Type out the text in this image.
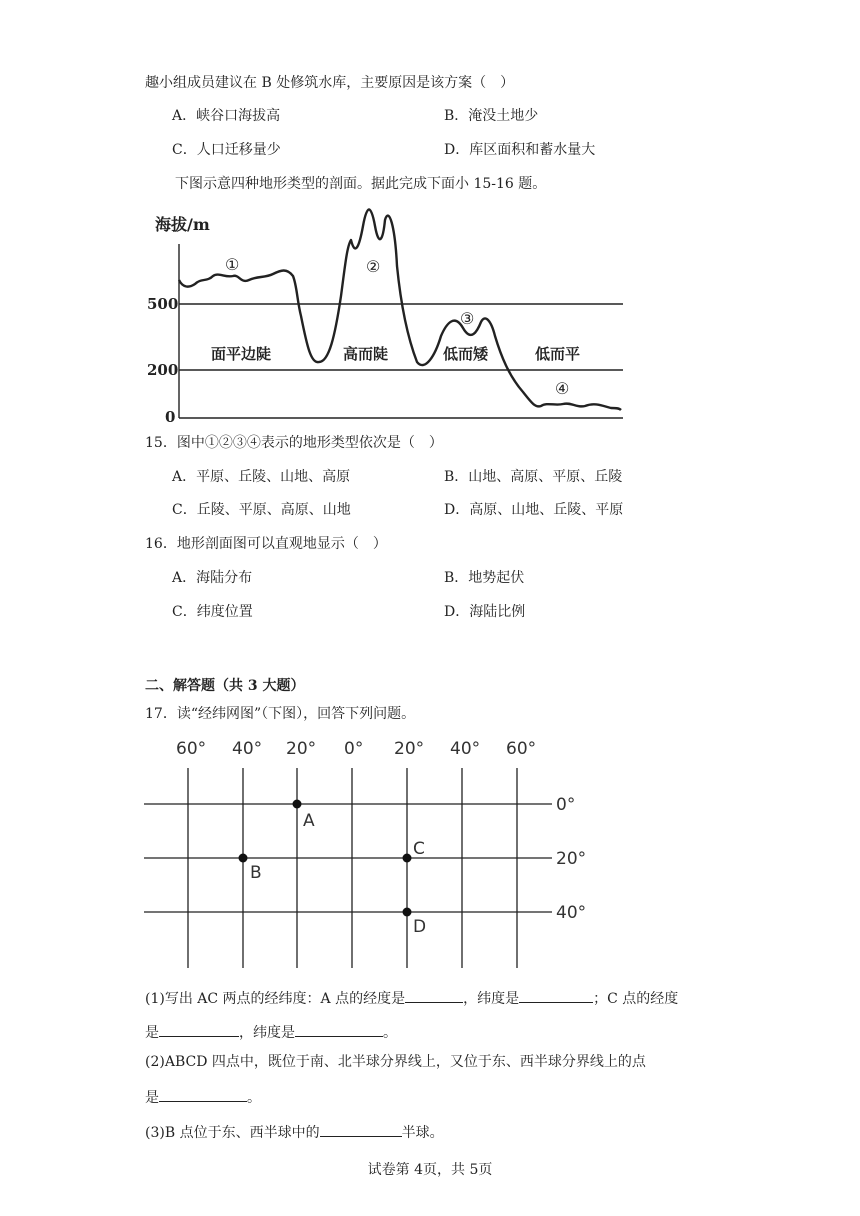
趣小组成员建议在 B 处修筑水库，主要原因是该方案（　）
A．峡谷口海拔高	B．淹没土地少
C．人口迁移量少	D．库区面积和蓄水量大
下图示意四种地形类型的剖面。据此完成下面小 15-16 题。
海拔/m
500
200
0
①	②
③
④
面平边陡	高而陡	低而矮	低而平
15．图中①②③④表示的地形类型依次是（　）
A．平原、丘陵、山地、高原	B．山地、高原、平原、丘陵
C．丘陵、平原、高原、山地	D．高原、山地、丘陵、平原
16．地形剖面图可以直观地显示（　）
A．海陆分布	B．地势起伏
C．纬度位置	D．海陆比例
二、解答题（共 3 大题）
17．读“经纬网图”（下图），回答下列问题。
60° 40° 20° 0° 20° 40° 60°
0°
20°
40°
A
B
C
D
(1)写出 AC 两点的经纬度：A 点的经度是	，纬度是	；C 点的经度
是	，纬度是	。
(2)ABCD 四点中，既位于南、北半球分界线上，又位于东、西半球分界线上的点
是	。
(3)B 点位于东、西半球中的	半球。
试卷第 4页，共 5页
